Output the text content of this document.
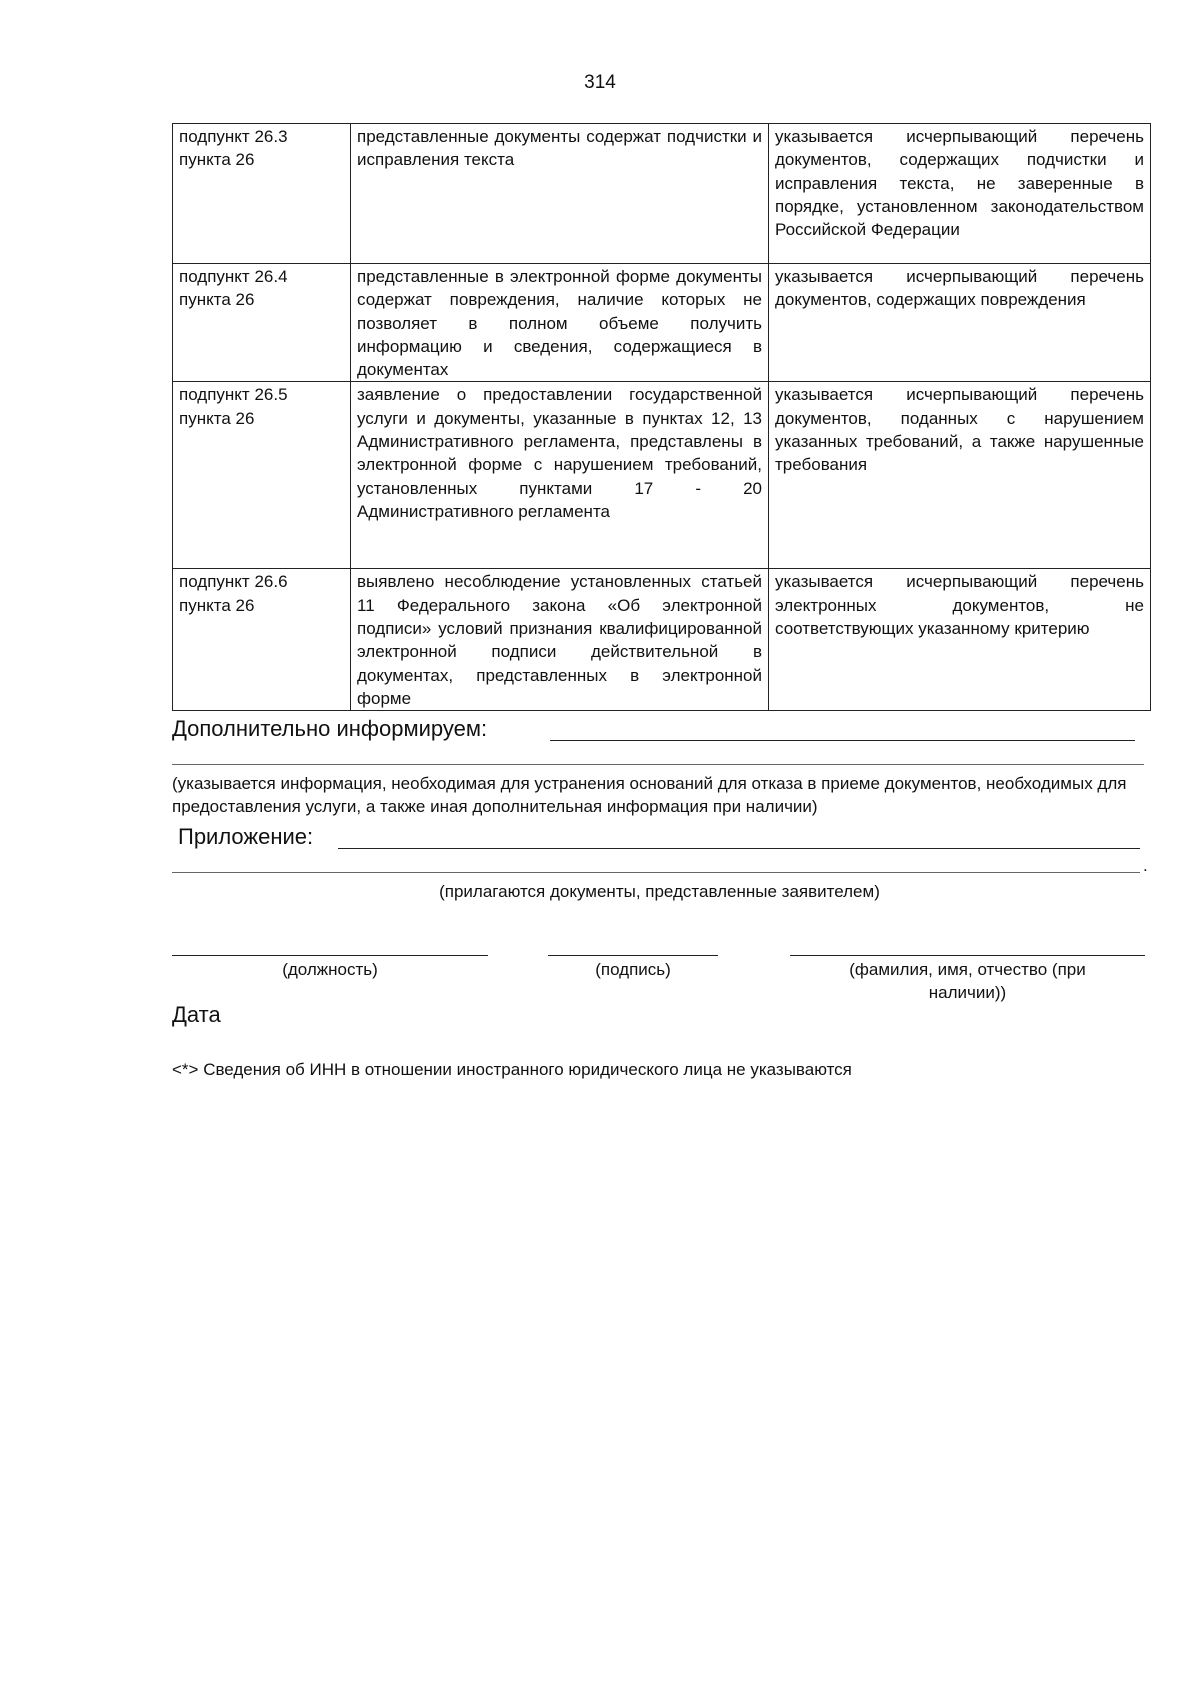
314
подпункт 26.3 пункта 26	представленные документы содержат подчистки и исправления текста	указывается исчерпывающий перечень документов, содержащих подчистки и исправления текста, не заверенные в порядке, установленном законодательством Российской Федерации
подпункт 26.4 пункта 26	представленные в электронной форме документы содержат повреждения, наличие которых не позволяет в полном объеме получить информацию и сведения, содержащиеся в документах	указывается исчерпывающий перечень документов, содержащих повреждения
подпункт 26.5 пункта 26	заявление о предоставлении государственной услуги и документы, указанные в пунктах 12, 13 Административного регламента, представлены в электронной форме с нарушением требований, установленных пунктами 17 - 20 Административного регламента	указывается исчерпывающий перечень документов, поданных с нарушением указанных требований, а также нарушенные требования
подпункт 26.6 пункта 26	выявлено несоблюдение установленных статьей 11 Федерального закона «Об электронной подписи» условий признания квалифицированной электронной подписи действительной в документах, представленных в электронной форме	указывается исчерпывающий перечень электронных документов, не соответствующих указанному критерию
Дополнительно информируем:
(указывается информация, необходимая для устранения оснований для отказа в приеме документов, необходимых для предоставления услуги, а также иная дополнительная информация при наличии)
Приложение:
.
(прилагаются документы, представленные заявителем)
(должность)	(подпись)	(фамилия, имя, отчество (при наличии))
Дата
<*> Сведения об ИНН в отношении иностранного юридического лица не указываются
